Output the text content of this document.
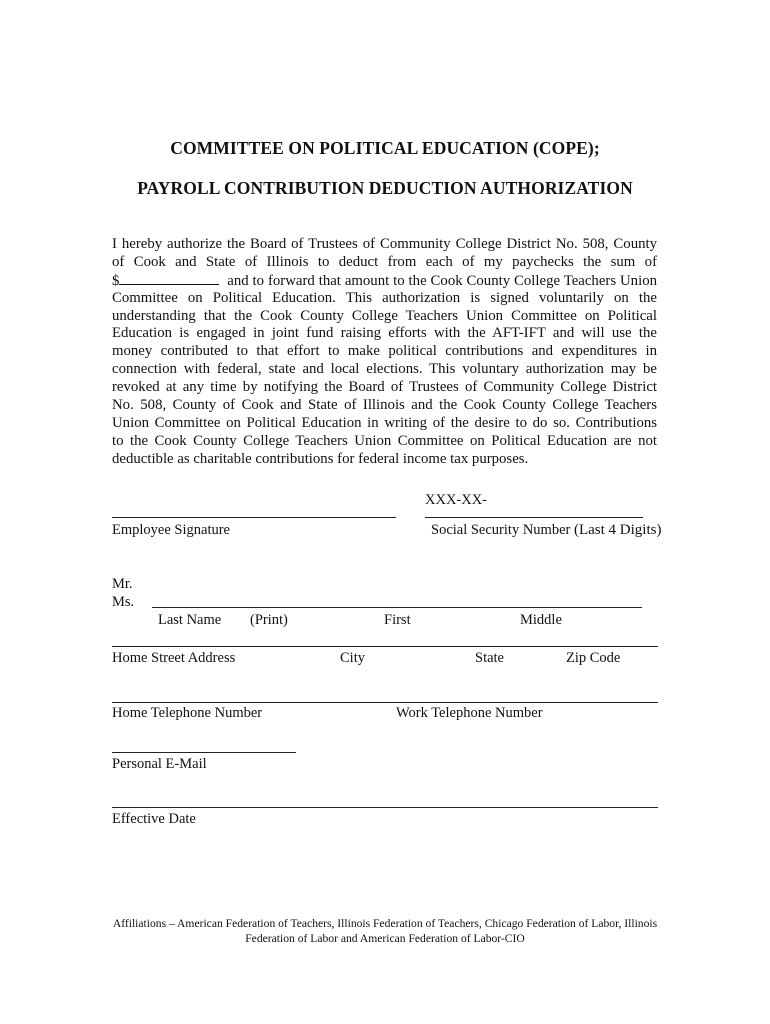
COMMITTEE ON POLITICAL EDUCATION (COPE);
PAYROLL CONTRIBUTION DEDUCTION AUTHORIZATION
I hereby authorize the Board of Trustees of Community College District No. 508, County
of Cook and State of Illinois to deduct from each of my paychecks the sum of
$	and to forward that amount to the Cook County College Teachers Union
Committee on Political Education. This authorization is signed voluntarily on the
understanding that the Cook County College Teachers Union Committee on Political
Education is engaged in joint fund raising efforts with the AFT-IFT and will use the
money contributed to that effort to make political contributions and expenditures in
connection with federal, state and local elections. This voluntary authorization may be
revoked at any time by notifying the Board of Trustees of Community College District
No. 508, County of Cook and State of Illinois and the Cook County College Teachers
Union Committee on Political Education in writing of the desire to do so. Contributions
to the Cook County College Teachers Union Committee on Political Education are not
deductible as charitable contributions for federal income tax purposes.
XXX-XX-
Employee Signature	Social Security Number (Last 4 Digits)
Mr.
Ms.
Last Name (Print)	First	Middle
Home Street Address	City	State	Zip Code
Home Telephone Number	Work Telephone Number
Personal E-Mail
Effective Date
Affiliations – American Federation of Teachers, Illinois Federation of Teachers, Chicago Federation of Labor, Illinois
Federation of Labor and American Federation of Labor-CIO
